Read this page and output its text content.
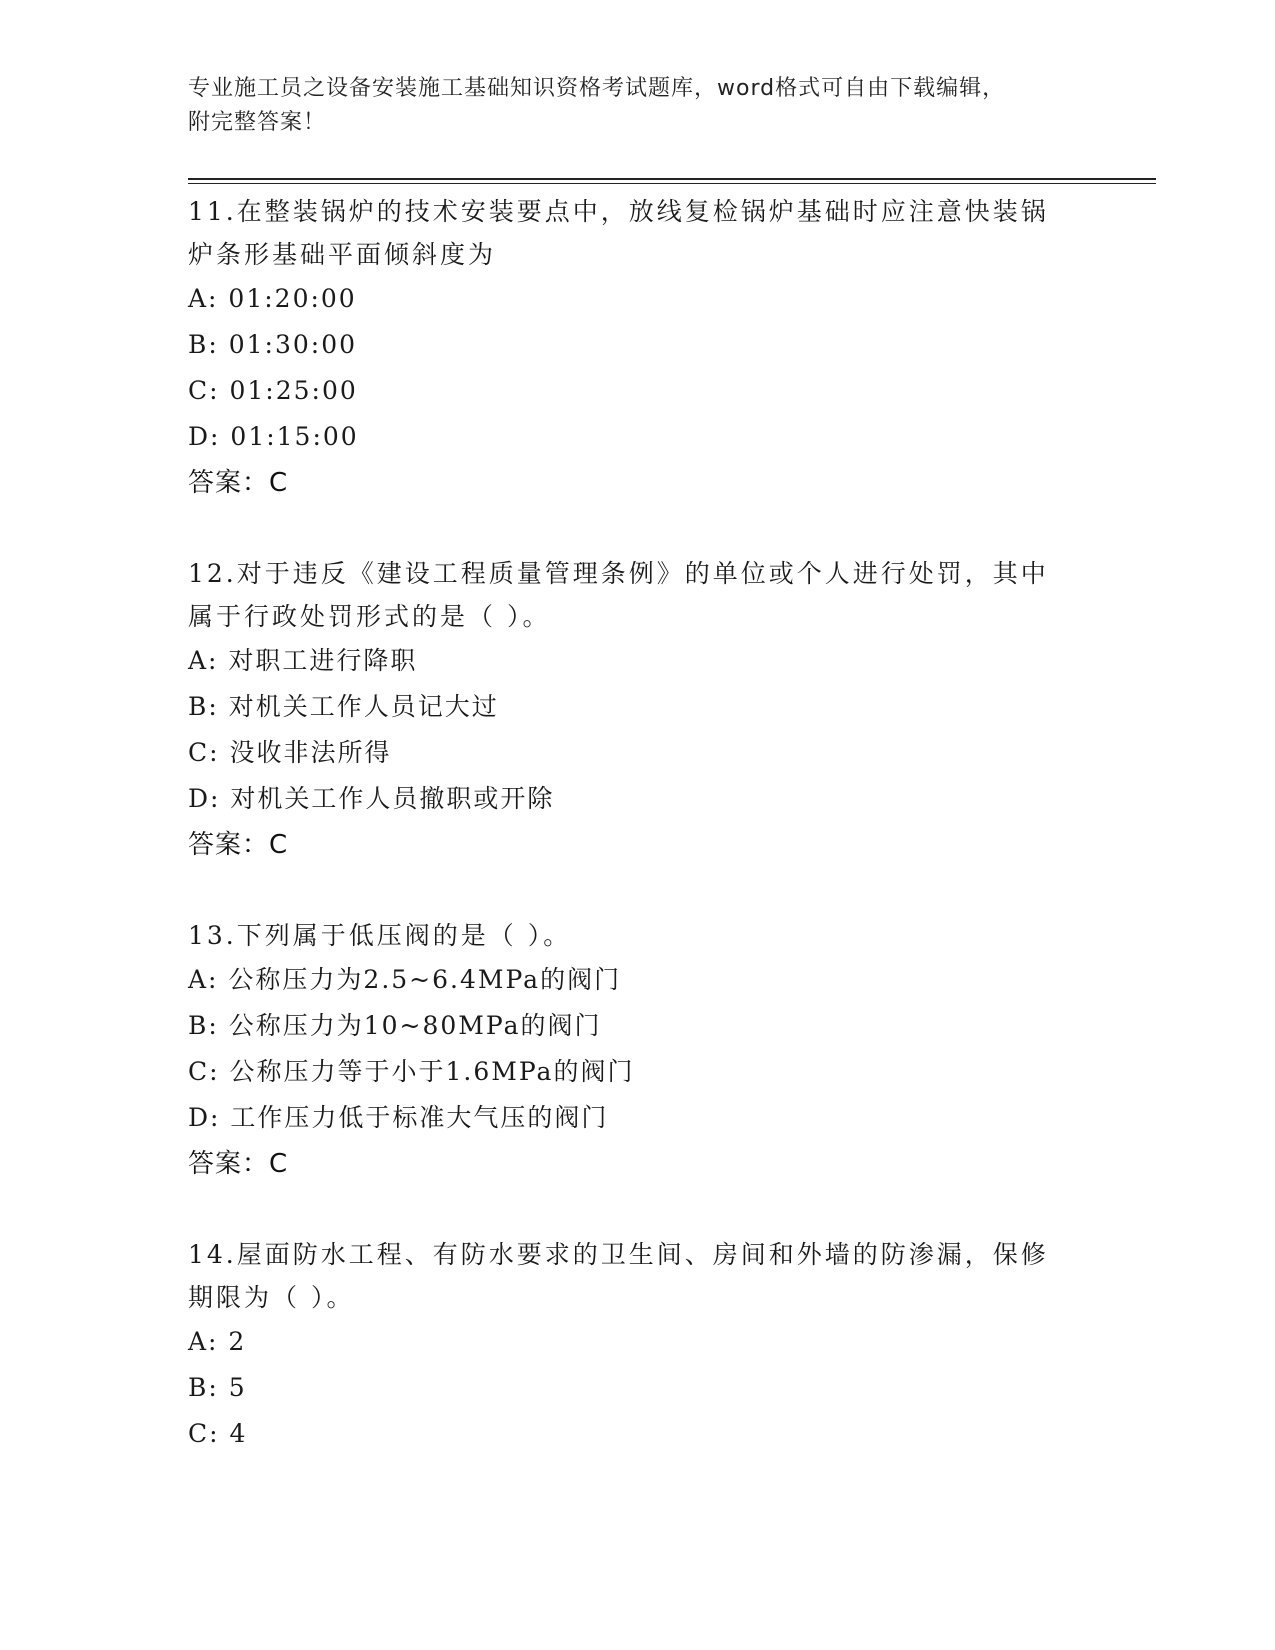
专业施工员之设备安装施工基础知识资格考试题库，word格式可自由下载编辑，
附完整答案！

11.在整装锅炉的技术安装要点中，放线复检锅炉基础时应注意快装锅
炉条形基础平面倾斜度为

A: 01:20:00
B: 01:30:00
C: 01:25:00
D: 01:15:00
答案：C

12.对于违反《建设工程质量管理条例》的单位或个人进行处罚，其中
属于行政处罚形式的是（ ）。

A: 对职工进行降职
B: 对机关工作人员记大过
C: 没收非法所得
D: 对机关工作人员撤职或开除
答案：C

13.下列属于低压阀的是（ ）。

A: 公称压力为2.5~6.4MPa的阀门
B: 公称压力为10~80MPa的阀门
C: 公称压力等于小于1.6MPa的阀门
D: 工作压力低于标准大气压的阀门
答案：C

14.屋面防水工程、有防水要求的卫生间、房间和外墙的防渗漏，保修
期限为（ ）。

A: 2
B: 5
C: 4
